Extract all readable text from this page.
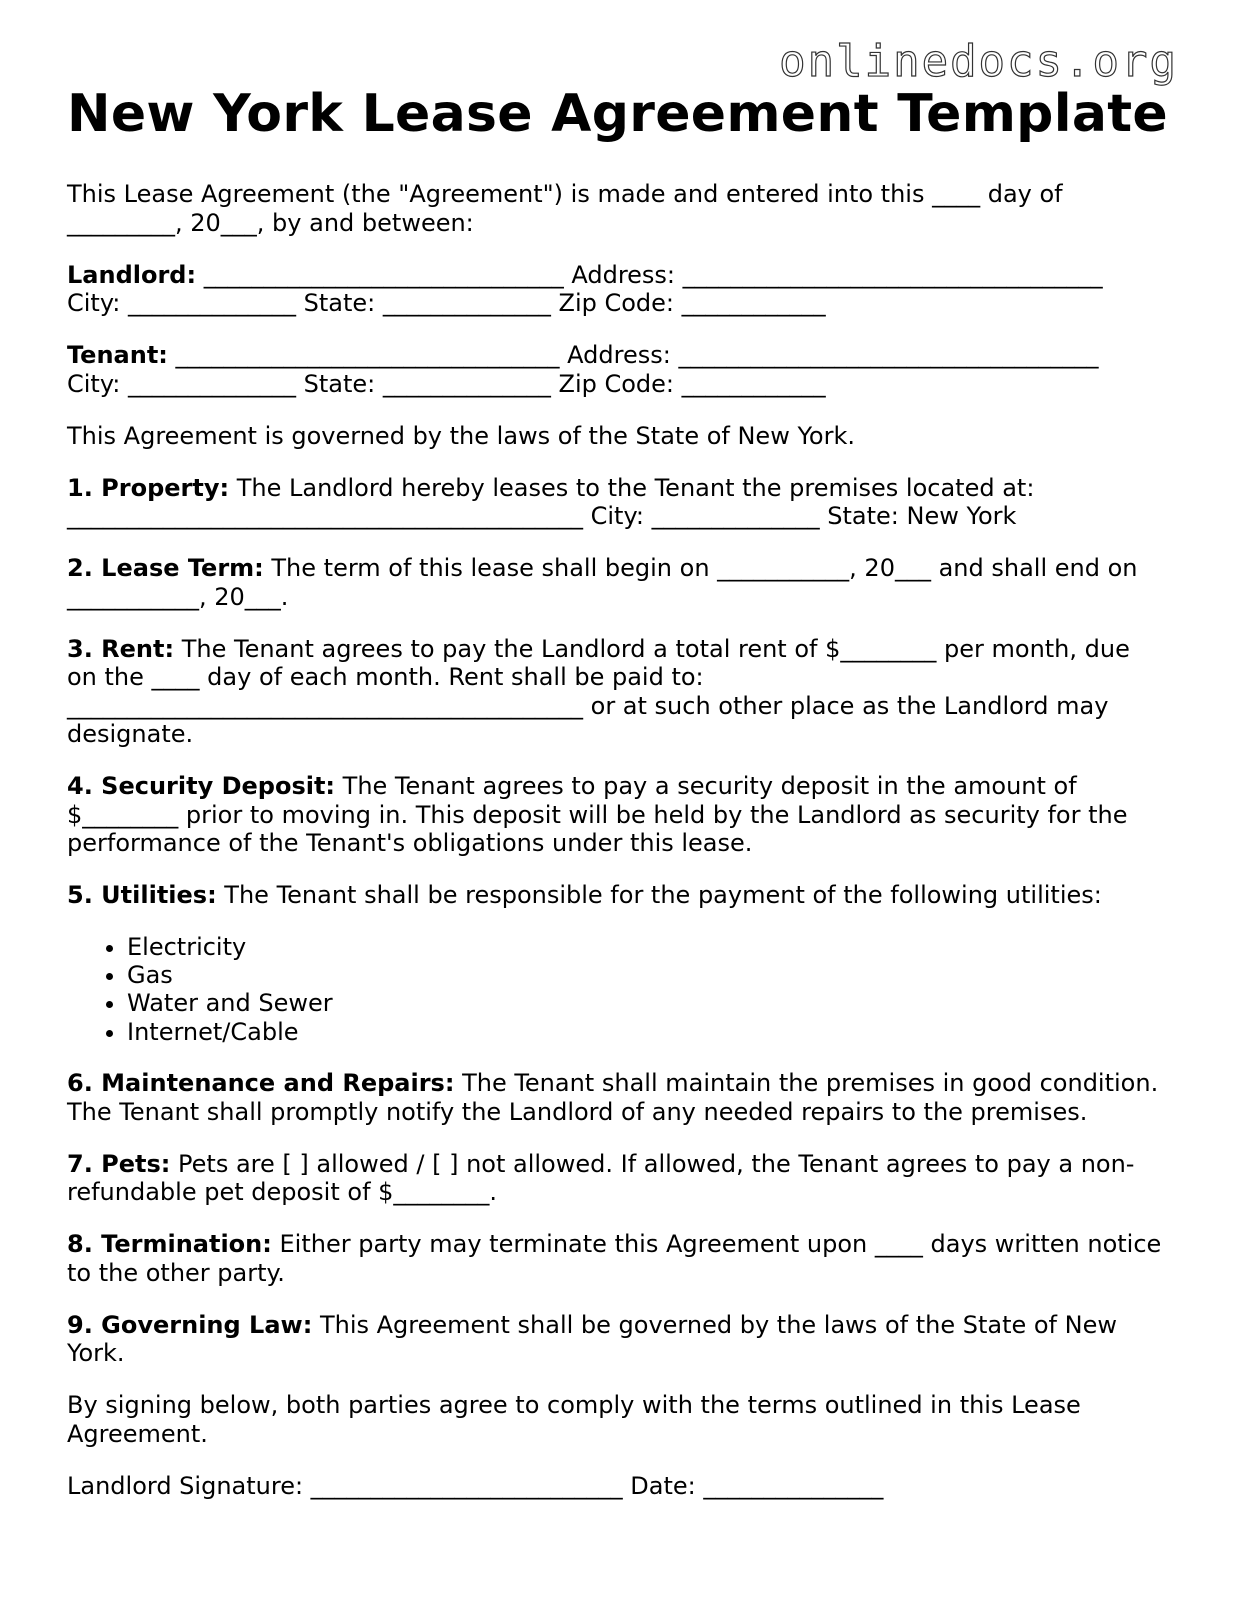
onlinedocs.org
New York Lease Agreement Template
This Lease Agreement (the "Agreement") is made and entered into this ____ day of
_________, 20___, by and between:
Landlord: ______________________________ Address: ___________________________________
City: ______________ State: ______________ Zip Code: ____________
Tenant: ________________________________ Address: ___________________________________
City: ______________ State: ______________ Zip Code: ____________
This Agreement is governed by the laws of the State of New York.
1. Property: The Landlord hereby leases to the Tenant the premises located at:
___________________________________________ City: ______________ State: New York
2. Lease Term: The term of this lease shall begin on ___________, 20___ and shall end on
___________, 20___.
3. Rent: The Tenant agrees to pay the Landlord a total rent of $________ per month, due
on the ____ day of each month. Rent shall be paid to:
___________________________________________ or at such other place as the Landlord may
designate.
4. Security Deposit: The Tenant agrees to pay a security deposit in the amount of
$________ prior to moving in. This deposit will be held by the Landlord as security for the
performance of the Tenant's obligations under this lease.
5. Utilities: The Tenant shall be responsible for the payment of the following utilities:
• Electricity
• Gas
• Water and Sewer
• Internet/Cable
6. Maintenance and Repairs: The Tenant shall maintain the premises in good condition.
The Tenant shall promptly notify the Landlord of any needed repairs to the premises.
7. Pets: Pets are [ ] allowed / [ ] not allowed. If allowed, the Tenant agrees to pay a non-
refundable pet deposit of $________.
8. Termination: Either party may terminate this Agreement upon ____ days written notice
to the other party.
9. Governing Law: This Agreement shall be governed by the laws of the State of New
York.
By signing below, both parties agree to comply with the terms outlined in this Lease
Agreement.
Landlord Signature: __________________________ Date: _______________
